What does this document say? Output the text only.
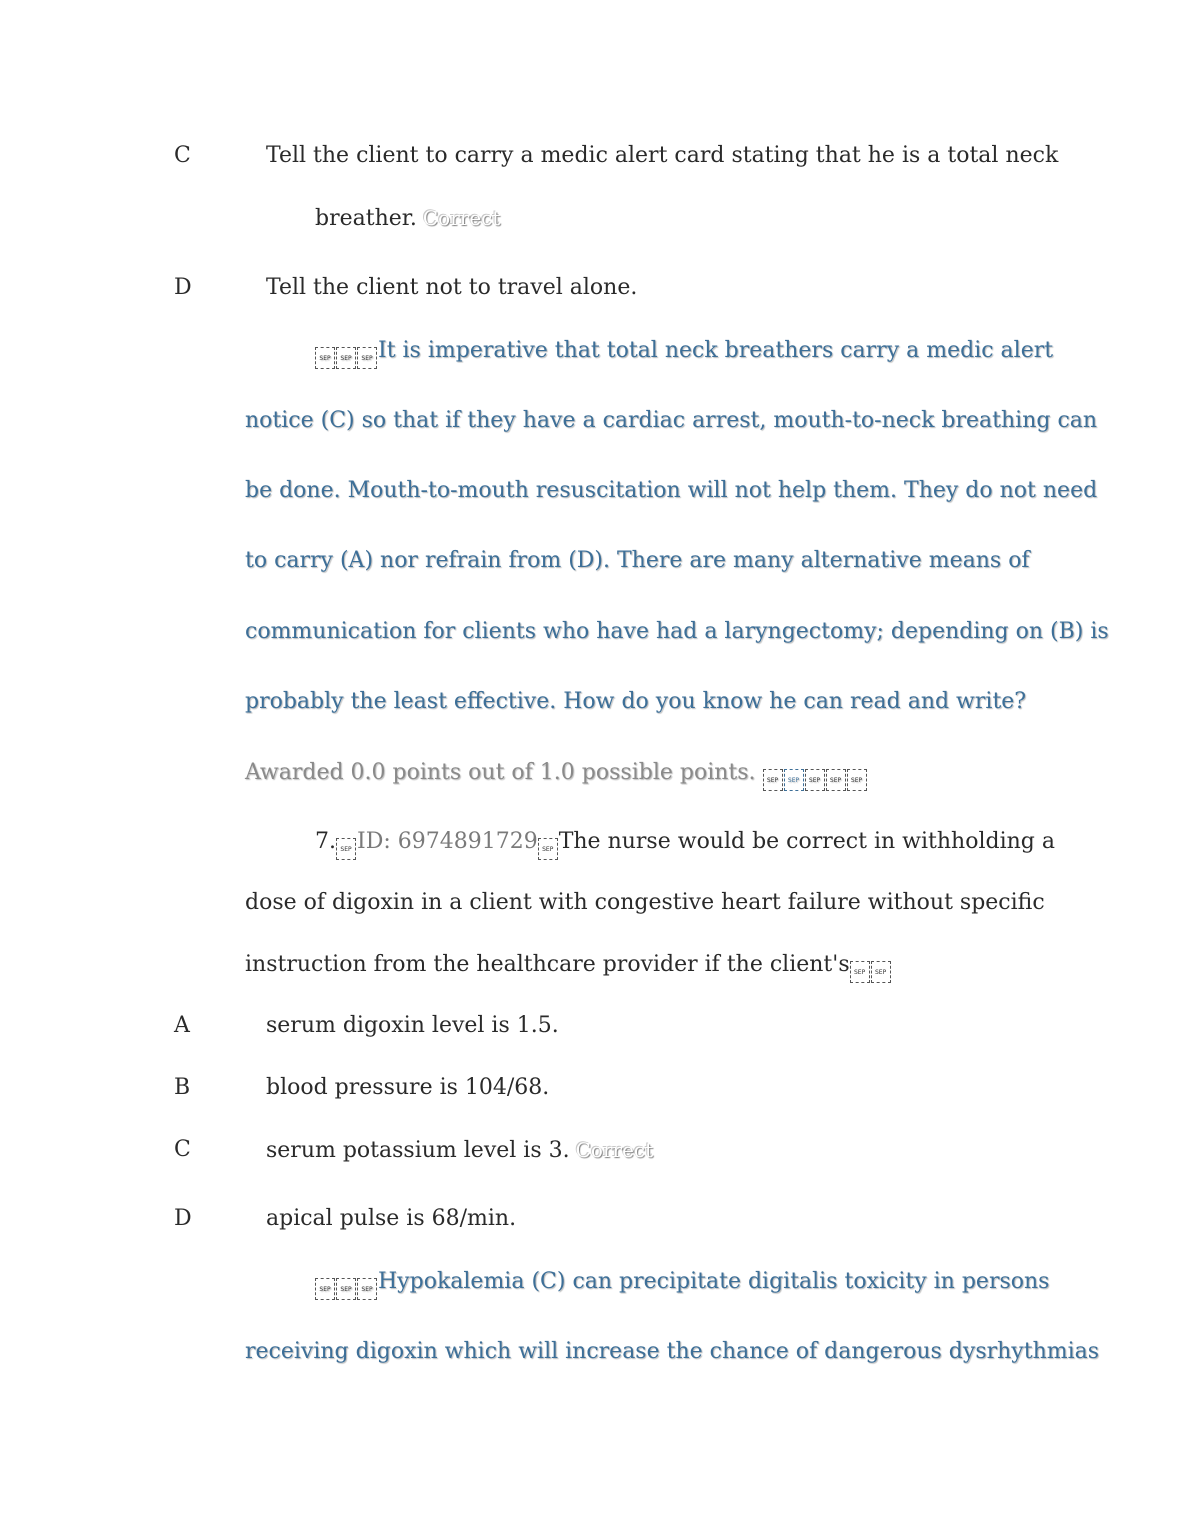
C	Tell the client to carry a medic alert card stating that he is a total neck
breather. Correct
D	Tell the client not to travel alone.
SEP SEP SEP It is imperative that total neck breathers carry a medic alert
notice (C) so that if they have a cardiac arrest, mouth-to-neck breathing can
be done. Mouth-to-mouth resuscitation will not help them. They do not need
to carry (A) nor refrain from (D). There are many alternative means of
communication for clients who have had a laryngectomy; depending on (B) is
probably the least effective. How do you know he can read and write?
Awarded 0.0 points out of 1.0 possible points. SEP SEP SEP SEP SEP
7. SEP ID: 6974891729 SEP The nurse would be correct in withholding a
dose of digoxin in a client with congestive heart failure without specific
instruction from the healthcare provider if the client's SEP SEP
A	serum digoxin level is 1.5.
B	blood pressure is 104/68.
C	serum potassium level is 3. Correct
D	apical pulse is 68/min.
SEP SEP SEP Hypokalemia (C) can precipitate digitalis toxicity in persons
receiving digoxin which will increase the chance of dangerous dysrhythmias
